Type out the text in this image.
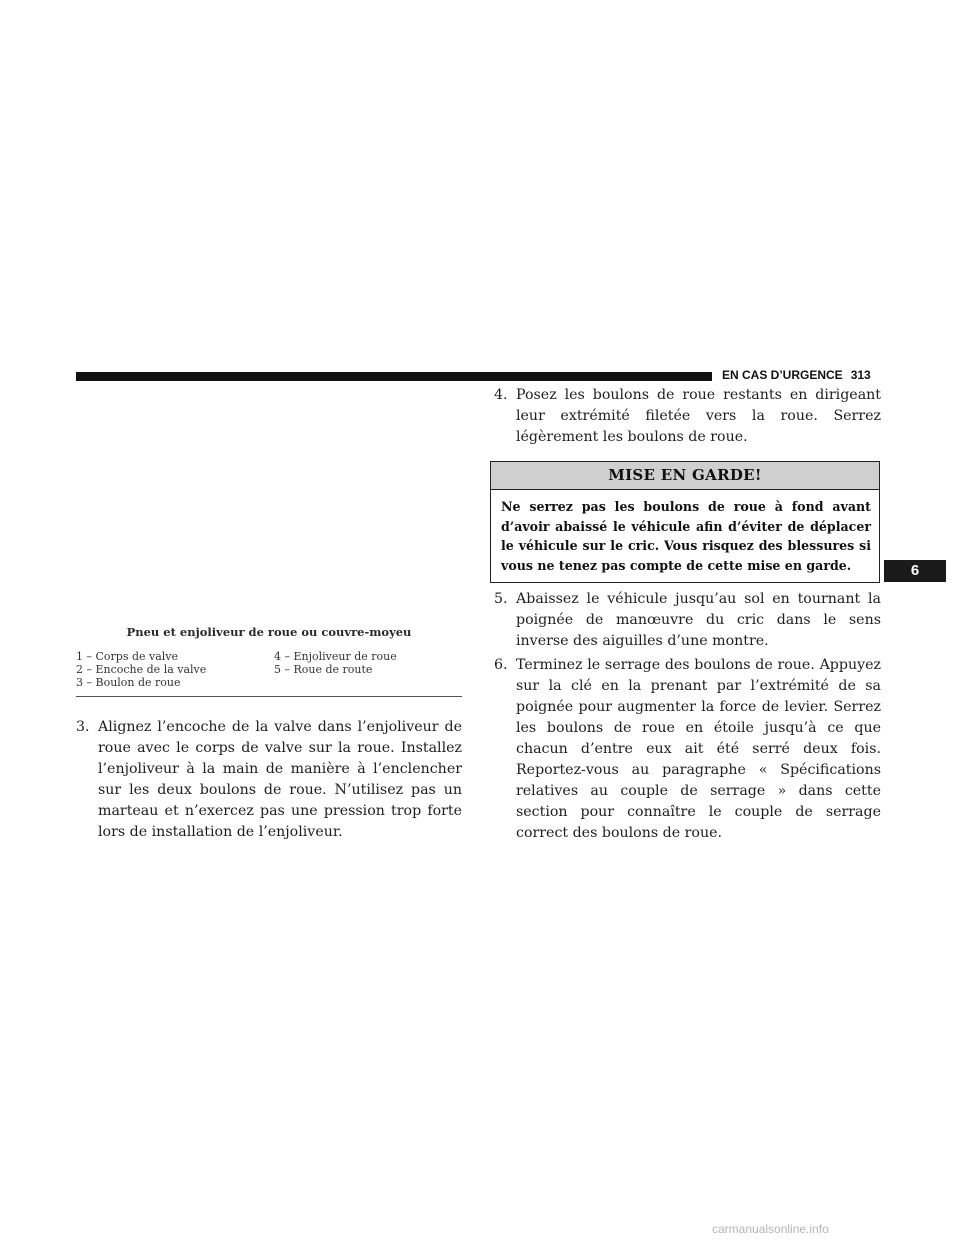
EN CAS D’URGENCE 313
Pneu et enjoliveur de roue ou couvre-moyeu
1 – Corps de valve	4 – Enjoliveur de roue
2 – Encoche de la valve	5 – Roue de route
3 – Boulon de roue
3. Alignez l’encoche de la valve dans l’enjoliveur de roue avec le corps de valve sur la roue. Installez l’enjoliveur à la main de manière à l’enclencher sur les deux boulons de roue. N’utilisez pas un marteau et n’exercez pas une pression trop forte lors de installation de l’enjoliveur.
4. Posez les boulons de roue restants en dirigeant leur extrémité filetée vers la roue. Serrez légèrement les boulons de roue.
MISE EN GARDE!
Ne serrez pas les boulons de roue à fond avant d’avoir abaissé le véhicule afin d’éviter de déplacer le véhicule sur le cric. Vous risquez des blessures si vous ne tenez pas compte de cette mise en garde.
5. Abaissez le véhicule jusqu’au sol en tournant la poignée de manœuvre du cric dans le sens inverse des aiguilles d’une montre.
6. Terminez le serrage des boulons de roue. Appuyez sur la clé en la prenant par l’extrémité de sa poignée pour augmenter la force de levier. Serrez les boulons de roue en étoile jusqu’à ce que chacun d’entre eux ait été serré deux fois. Reportez-vous au paragraphe « Spécifications relatives au couple de serrage » dans cette section pour connaître le couple de serrage correct des boulons de roue.
6
carmanualsonline.info
